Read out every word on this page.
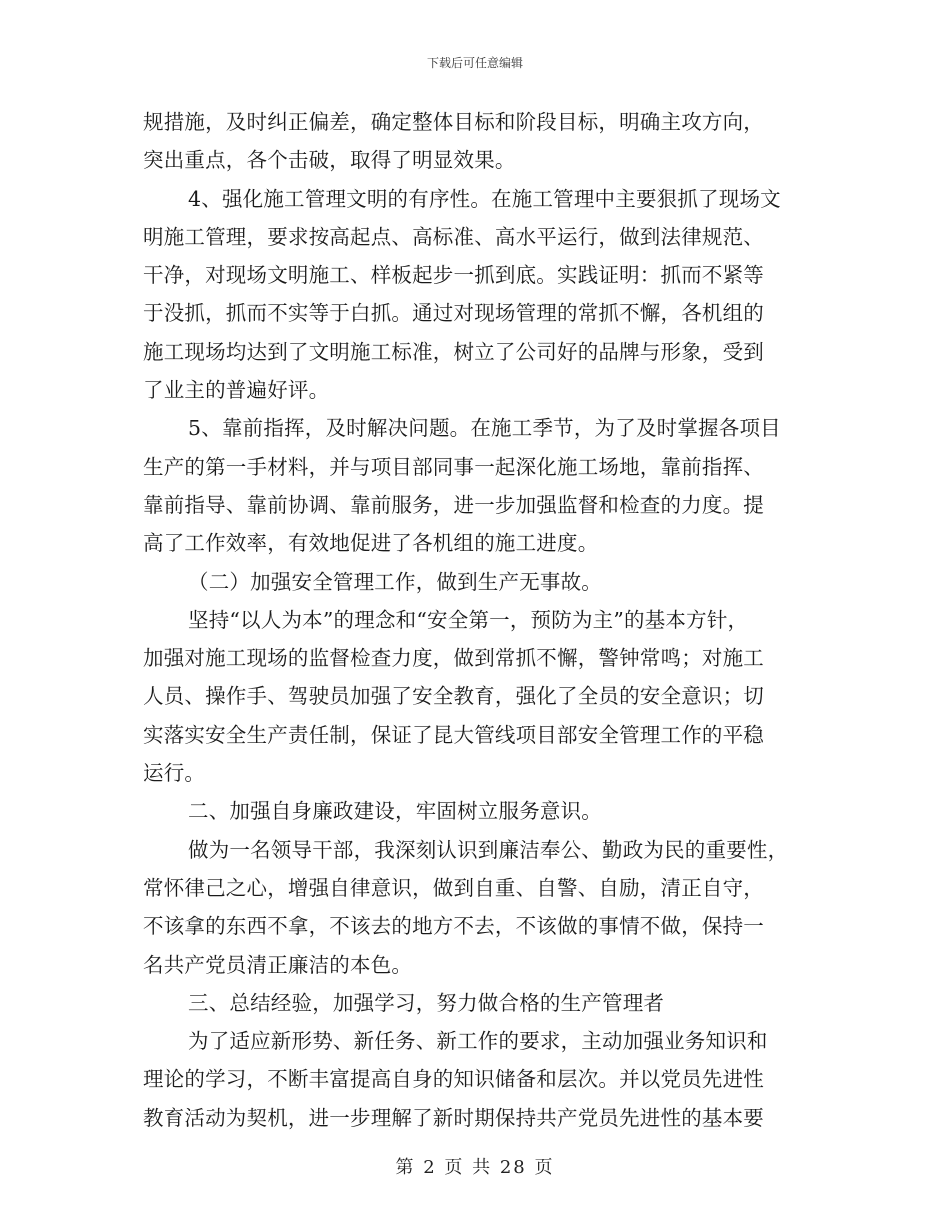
下载后可任意编辑
规措施，及时纠正偏差，确定整体目标和阶段目标，明确主攻方向，
突出重点，各个击破，取得了明显效果。
4、强化施工管理文明的有序性。在施工管理中主要狠抓了现场文
明施工管理，要求按高起点、高标准、高水平运行，做到法律规范、
干净，对现场文明施工、样板起步一抓到底。实践证明：抓而不紧等
于没抓，抓而不实等于白抓。通过对现场管理的常抓不懈，各机组的
施工现场均达到了文明施工标准，树立了公司好的品牌与形象，受到
了业主的普遍好评。
5、靠前指挥，及时解决问题。在施工季节，为了及时掌握各项目
生产的第一手材料，并与项目部同事一起深化施工场地，靠前指挥、
靠前指导、靠前协调、靠前服务，进一步加强监督和检查的力度。提
高了工作效率，有效地促进了各机组的施工进度。
（二）加强安全管理工作，做到生产无事故。
坚持“以人为本”的理念和“安全第一，预防为主”的基本方针，
加强对施工现场的监督检查力度，做到常抓不懈，警钟常鸣；对施工
人员、操作手、驾驶员加强了安全教育，强化了全员的安全意识；切
实落实安全生产责任制，保证了昆大管线项目部安全管理工作的平稳
运行。
二、加强自身廉政建设，牢固树立服务意识。
做为一名领导干部，我深刻认识到廉洁奉公、勤政为民的重要性，
常怀律己之心，增强自律意识，做到自重、自警、自励，清正自守，
不该拿的东西不拿，不该去的地方不去，不该做的事情不做，保持一
名共产党员清正廉洁的本色。
三、总结经验，加强学习，努力做合格的生产管理者
为了适应新形势、新任务、新工作的要求，主动加强业务知识和
理论的学习，不断丰富提高自身的知识储备和层次。并以党员先进性
教育活动为契机，进一步理解了新时期保持共产党员先进性的基本要
第 2 页 共 28 页
